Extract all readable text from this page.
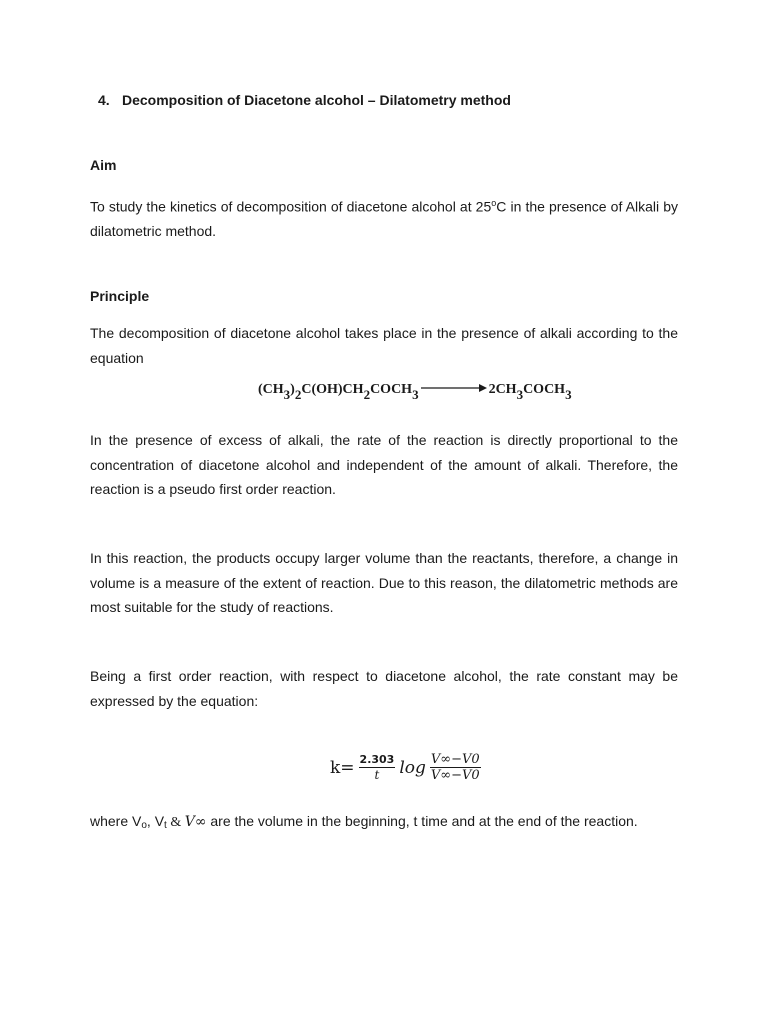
4. Decomposition of Diacetone alcohol – Dilatometry method
Aim
To study the kinetics of decomposition of diacetone alcohol at 25$^o$C in the presence of Alkali by dilatometric method.
Principle
The decomposition of diacetone alcohol takes place in the presence of alkali according to the equation
$(CH_3)_2C(OH)CH_2COCH_3$	$2CH_3COCH_3$
In the presence of excess of alkali, the rate of the reaction is directly proportional to the concentration of diacetone alcohol and independent of the amount of alkali. Therefore, the reaction is a pseudo first order reaction.
In this reaction, the products occupy larger volume than the reactants, therefore, a change in volume is a measure of the extent of reaction. Due to this reason, the dilatometric methods are most suitable for the study of reactions.
Being a first order reaction, with respect to diacetone alcohol, the rate constant may be expressed by the equation:
$k= \frac{2.303}{t}$ $\log \frac{V\infty-V0}{V\infty-V0}$
where Vo, Vt & V∞ are the volume in the beginning, t time and at the end of the reaction.
